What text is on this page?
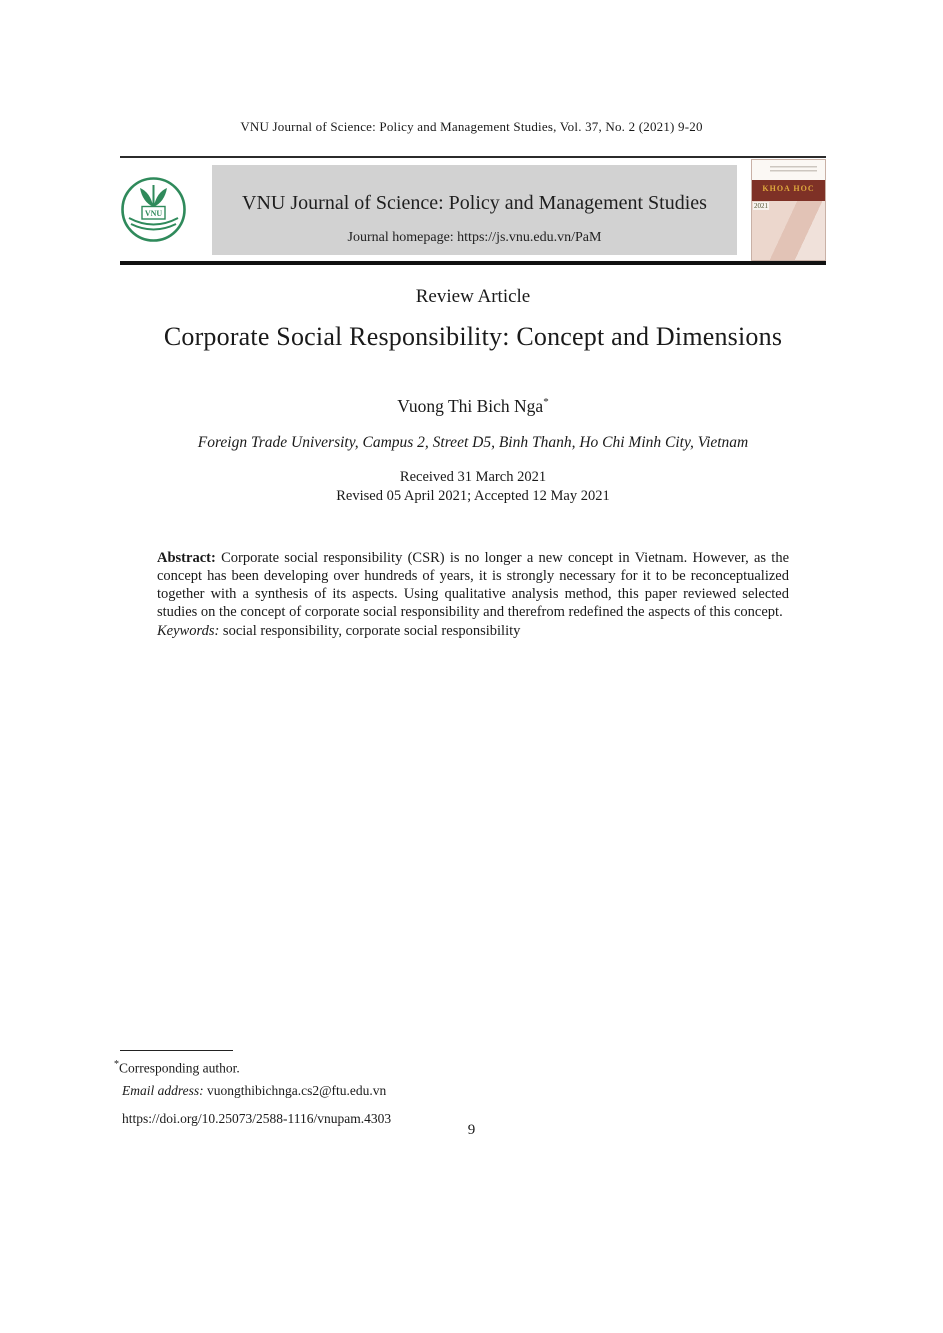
VNU Journal of Science: Policy and Management Studies, Vol. 37, No. 2 (2021) 9-20
VNU	VNU Journal of Science: Policy and Management Studies
Journal homepage: https://js.vnu.edu.vn/PaM
KHOA HOC
2021
Review Article
Corporate Social Responsibility: Concept and Dimensions
Vuong Thi Bich Nga*
Foreign Trade University, Campus 2, Street D5, Binh Thanh, Ho Chi Minh City, Vietnam
Received 31 March 2021
Revised 05 April 2021; Accepted 12 May 2021
Abstract: Corporate social responsibility (CSR) is no longer a new concept in Vietnam. However, as the concept has been developing over hundreds of years, it is strongly necessary for it to be reconceptualized together with a synthesis of its aspects. Using qualitative analysis method, this paper reviewed selected studies on the concept of corporate social responsibility and therefrom redefined the aspects of this concept.
Keywords: social responsibility, corporate social responsibility
*Corresponding author.
Email address: vuongthibichnga.cs2@ftu.edu.vn
https://doi.org/10.25073/2588-1116/vnupam.4303
9
